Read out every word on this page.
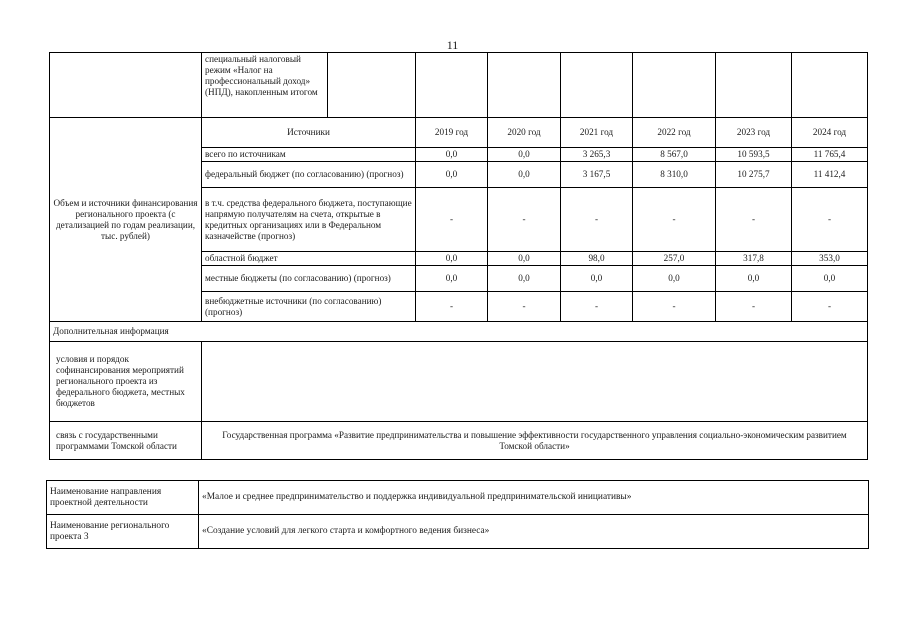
11
	специальный налоговый режим «Налог на профессиональный доход» (НПД), накопленным итогом							
Объем и источники финансирования регионального проекта (с детализацией по годам реализации, тыс. рублей)	Источники		2019 год	2020 год	2021 год	2022 год	2023 год	2024 год
	всего по источникам		0,0	0,0	3 265,3	8 567,0	10 593,5	11 765,4
	федеральный бюджет (по согласованию) (прогноз)		0,0	0,0	3 167,5	8 310,0	10 275,7	11 412,4
	в т.ч. средства федерального бюджета, поступающие напрямую получателям на счета, открытые в кредитных организациях или в Федеральном казначействе (прогноз)		-	-	-	-	-	-
	областной бюджет		0,0	0,0	98,0	257,0	317,8	353,0
	местные бюджеты (по согласованию) (прогноз)		0,0	0,0	0,0	0,0	0,0	0,0
	внебюджетные источники (по согласованию) (прогноз)		-	-	-	-	-	-
Дополнительная информация								
условия и порядок софинансирования мероприятий регионального проекта из федерального бюджета, местных бюджетов								
связь с государственными программами Томской области	Государственная программа «Развитие предпринимательства и повышение эффективности государственного управления социально-экономическим развитием Томской области»							
Наименование направления проектной деятельности	«Малое и среднее предпринимательство и поддержка индивидуальной предпринимательской инициативы»
Наименование регионального проекта 3	«Создание условий для легкого старта и комфортного ведения бизнеса»
